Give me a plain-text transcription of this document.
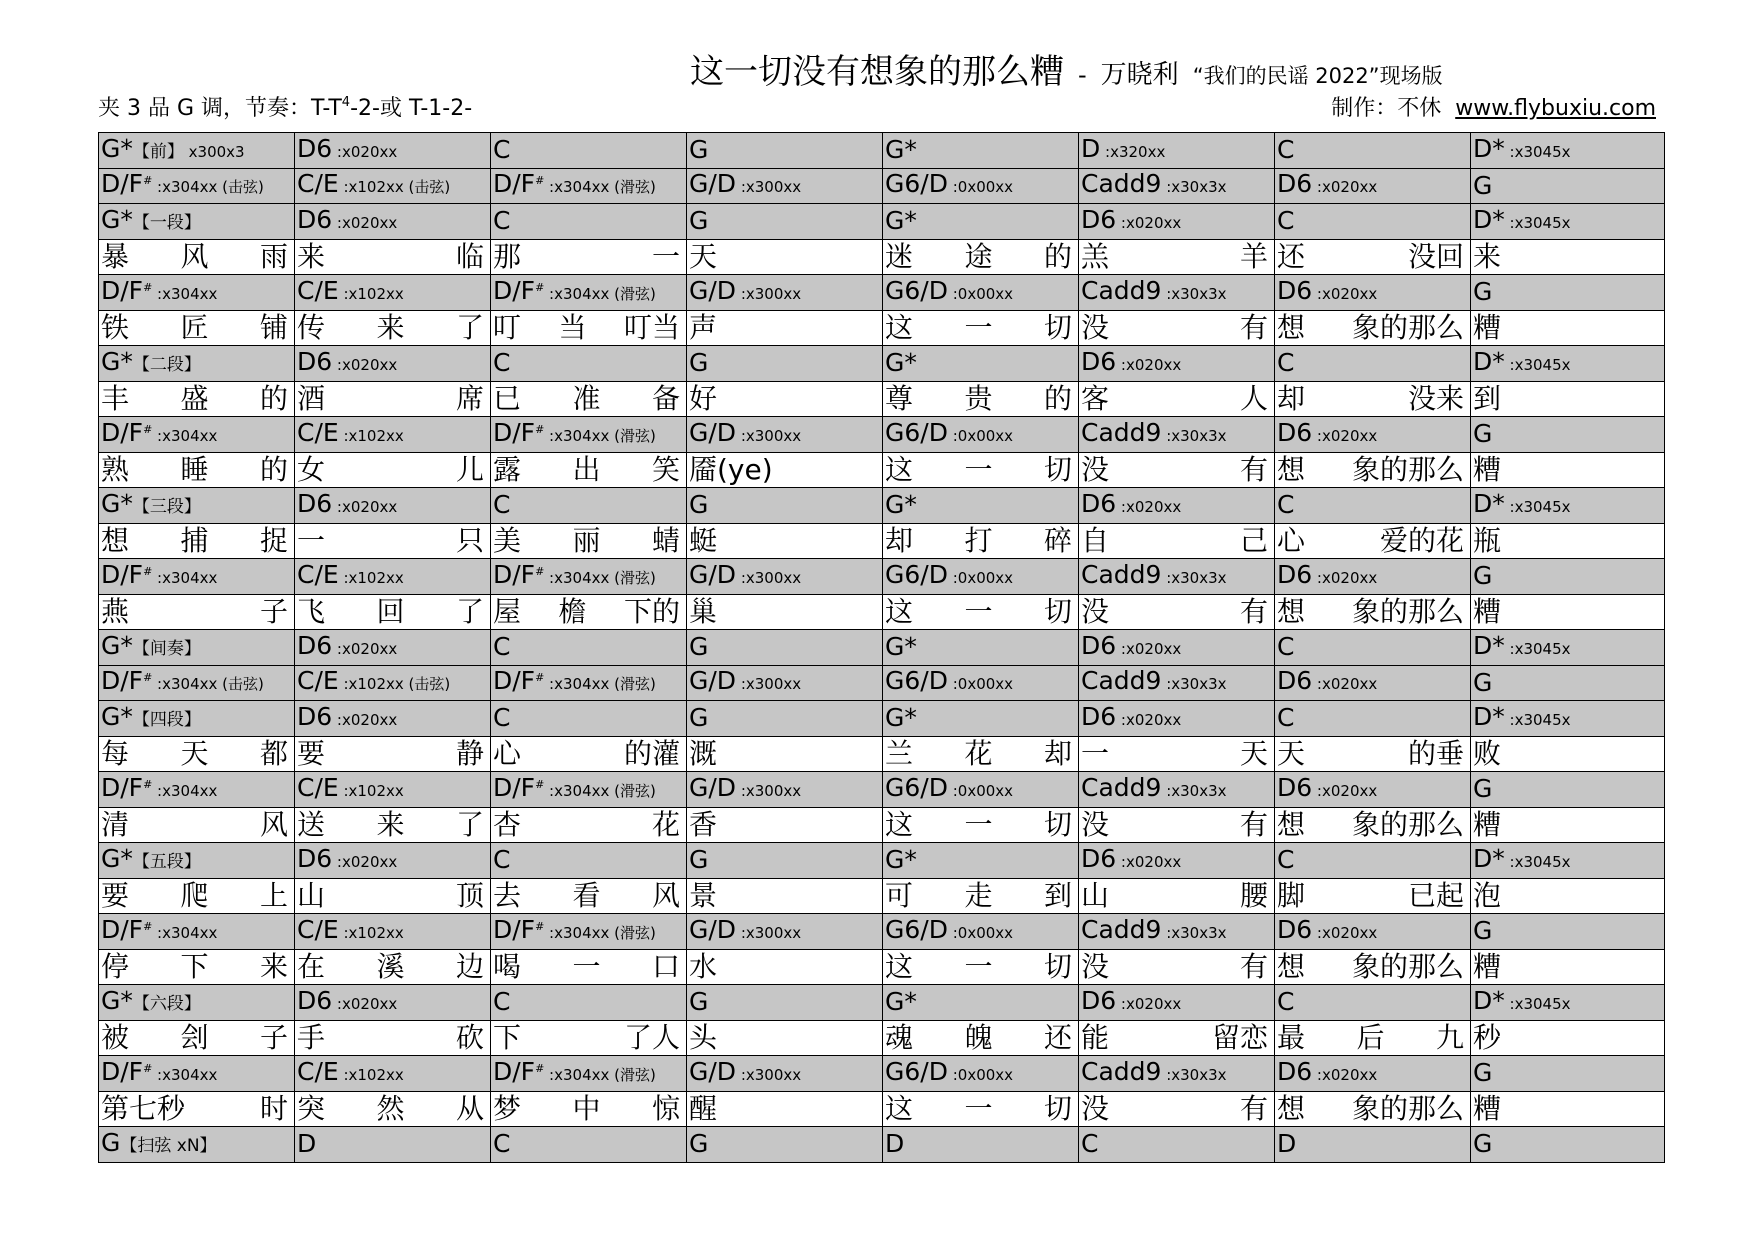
这一切没有想象的那么糟 - 万晓利 “我们的民谣 2022”现场版
夹 3 品 G 调，节奏：$T-T^4-2-$或 T-1-2-	制作：不休 www.flybuxiu.com
G*【前】 x300x3	D6 :x020xx	C	G	G*	D :x320xx	C	D* :x3045x
D/F# :x304xx (击弦)	C/E :x102xx (击弦)	D/F# :x304xx (滑弦)	G/D :x300xx	G6/D :0x00xx	Cadd9 :x30x3x	D6 :x020xx	G
G*【一段】	D6 :x020xx	C	G	G*	D6 :x020xx	C	D* :x3045x

暴 风 雨	来 临	那 一	天	迷 途 的	羔 羊	还 没回	来

D/F# :x304xx	C/E :x102xx	D/F# :x304xx (滑弦)	G/D :x300xx	G6/D :0x00xx	Cadd9 :x30x3x	D6 :x020xx	G

铁 匠 铺	传 来 了	叮 当 叮当	声	这 一 切	没 有	想 象的那么	糟

G*【二段】	D6 :x020xx	C	G	G*	D6 :x020xx	C	D* :x3045x

丰 盛 的	酒 席	已 准 备	好	尊 贵 的	客 人	却 没来	到

D/F# :x304xx	C/E :x102xx	D/F# :x304xx (滑弦)	G/D :x300xx	G6/D :0x00xx	Cadd9 :x30x3x	D6 :x020xx	G

熟 睡 的	女 儿	露 出 笑	靥(ye)	这 一 切	没 有	想 象的那么	糟

G*【三段】	D6 :x020xx	C	G	G*	D6 :x020xx	C	D* :x3045x

想 捕 捉	一 只	美 丽 蜻	蜓	却 打 碎	自 己	心 爱的花	瓶

D/F# :x304xx	C/E :x102xx	D/F# :x304xx (滑弦)	G/D :x300xx	G6/D :0x00xx	Cadd9 :x30x3x	D6 :x020xx	G

燕 子	飞 回 了	屋 檐 下的	巢	这 一 切	没 有	想 象的那么	糟

G*【间奏】	D6 :x020xx	C	G	G*	D6 :x020xx	C	D* :x3045x
D/F# :x304xx (击弦)	C/E :x102xx (击弦)	D/F# :x304xx (滑弦)	G/D :x300xx	G6/D :0x00xx	Cadd9 :x30x3x	D6 :x020xx	G
G*【四段】	D6 :x020xx	C	G	G*	D6 :x020xx	C	D* :x3045x

每 天 都	要 静	心 的灌	溉	兰 花 却	一 天	天 的垂	败

D/F# :x304xx	C/E :x102xx	D/F# :x304xx (滑弦)	G/D :x300xx	G6/D :0x00xx	Cadd9 :x30x3x	D6 :x020xx	G

清 风	送 来 了	杏 花	香	这 一 切	没 有	想 象的那么	糟

G*【五段】	D6 :x020xx	C	G	G*	D6 :x020xx	C	D* :x3045x

要 爬 上	山 顶	去 看 风	景	可 走 到	山 腰	脚 已起	泡

D/F# :x304xx	C/E :x102xx	D/F# :x304xx (滑弦)	G/D :x300xx	G6/D :0x00xx	Cadd9 :x30x3x	D6 :x020xx	G

停 下 来	在 溪 边	喝 一 口	水	这 一 切	没 有	想 象的那么	糟

G*【六段】	D6 :x020xx	C	G	G*	D6 :x020xx	C	D* :x3045x

被 刽 子	手 砍	下 了人	头	魂 魄 还	能 留恋	最 后 九	秒

D/F# :x304xx	C/E :x102xx	D/F# :x304xx (滑弦)	G/D :x300xx	G6/D :0x00xx	Cadd9 :x30x3x	D6 :x020xx	G

第七秒 时	突 然 从	梦 中 惊	醒	这 一 切	没 有	想 象的那么	糟

G【扫弦 xN】	D	C	G	D	C	D	G
